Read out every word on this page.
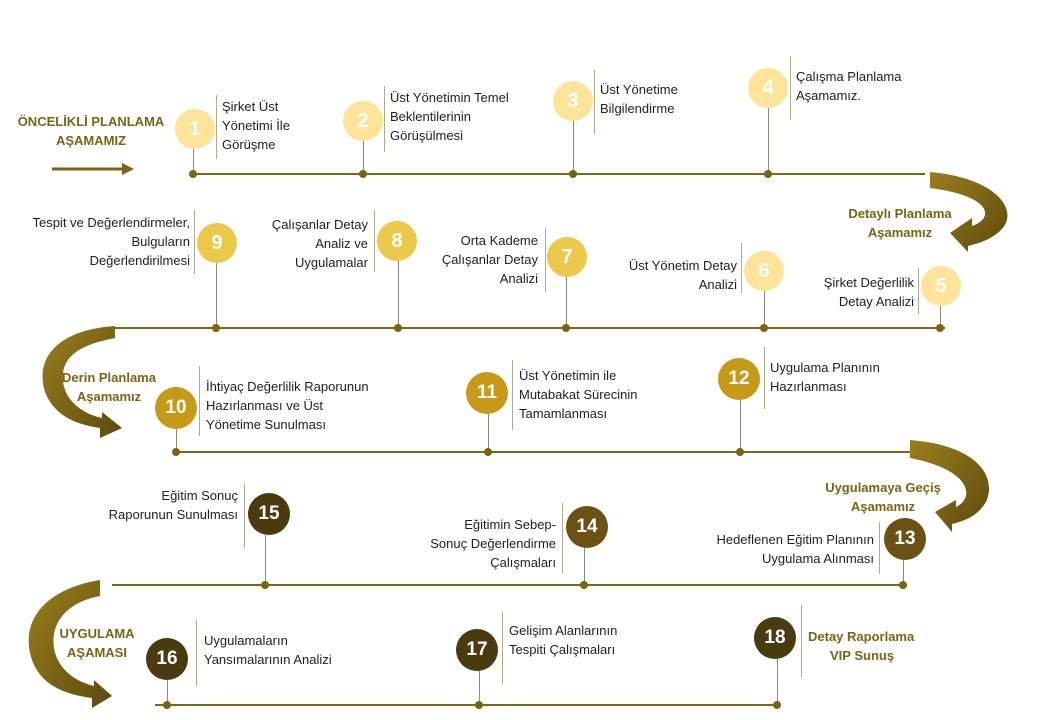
ÖNCELİKLİ PLANLAMA
AŞAMAMIZ
Detaylı Planlama
Aşamamız
Derin Planlama
Aşamamız
Uygulamaya Geçiş
Aşamamız
UYGULAMA
AŞAMASI
1
Şirket Üst
Yönetimi İle
Görüşme
2
Üst Yönetimin Temel
Beklentilerinin
Görüşülmesi
3	Üst Yönetime
Bilgilendirme
4	Çalışma Planlama
Aşamamız.
5
Şirket Değerlilik
Detay Analizi
6
Üst Yönetim Detay
Analizi
7
Orta Kademe
Çalışanlar Detay
Analizi
8
Çalışanlar Detay
Analiz ve
Uygulamalar
9
Tespit ve Değerlendirmeler,
Bulguların
Değerlendirilmesi
10
İhtiyaç Değerlilik Raporunun
Hazırlanması ve Üst
Yönetime Sunulması
11
Üst Yönetimin ile
Mutabakat Sürecinin
Tamamlanması
12
Uygulama Planının
Hazırlanması
13
Hedeflenen Eğitim Planının
Uygulama Alınması
14
Eğitimin Sebep-
Sonuç Değerlendirme
Çalışmaları
15
Eğitim Sonuç
Raporunun Sunulması
16
Uygulamaların
Yansımalarının Analizi	17
Gelişim Alanlarının
Tespiti Çalışmaları
18	Detay Raporlama
VIP Sunuş
